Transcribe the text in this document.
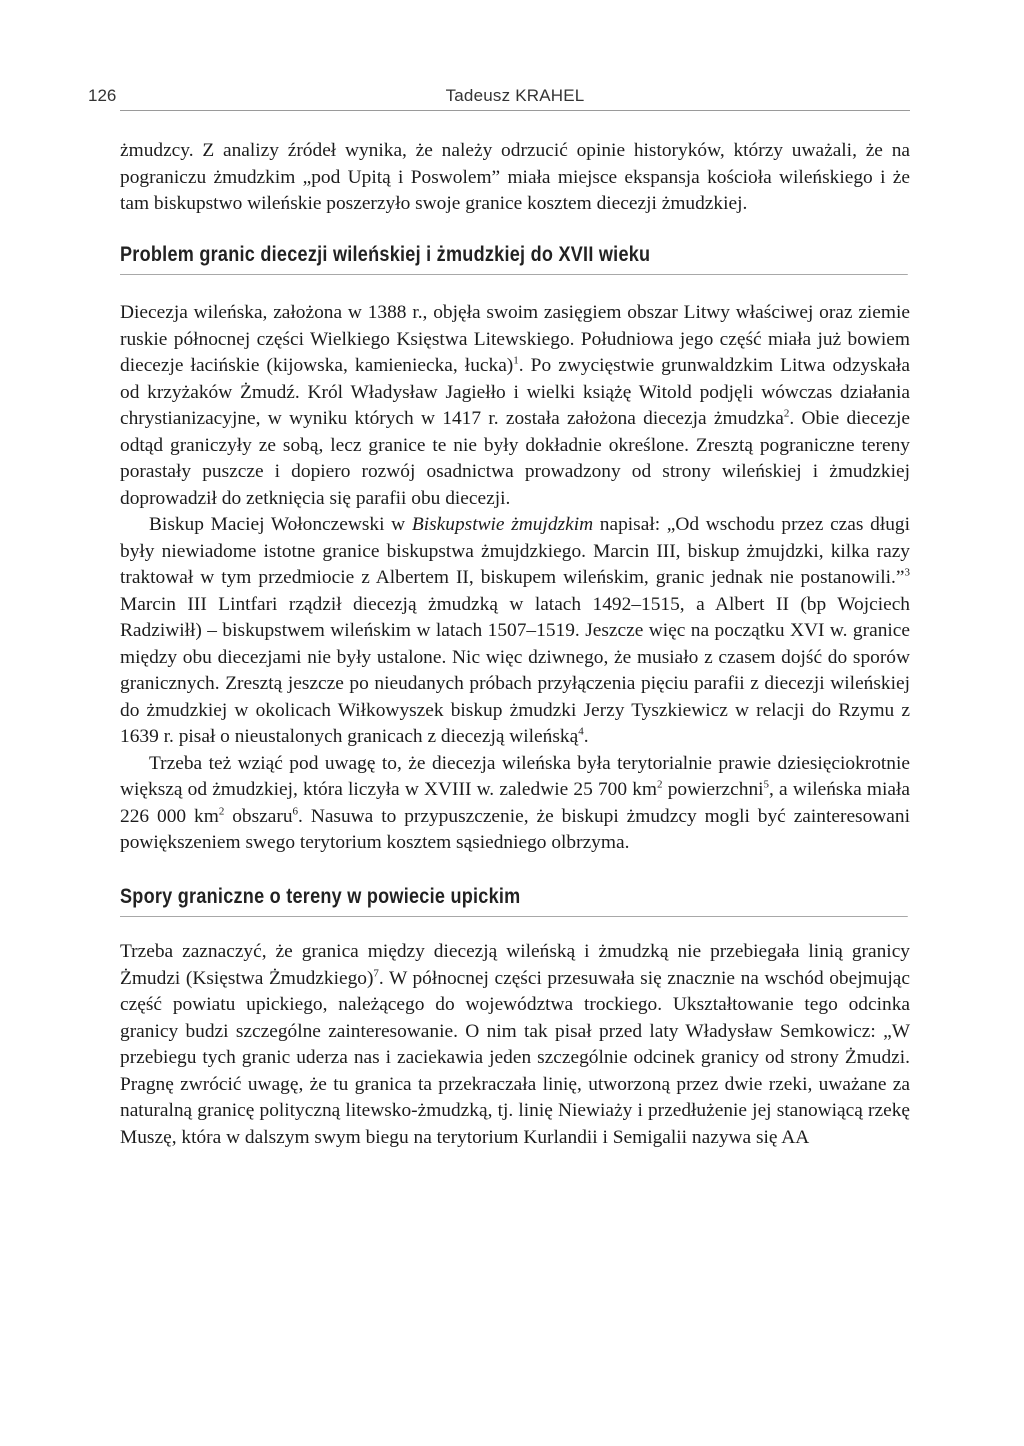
126	Tadeusz KRAHEL

żmudzcy. Z analizy źródeł wynika, że należy odrzucić opinie historyków, którzy uważali, że na pograniczu żmudzkim „pod Upitą i Poswolem” miała miejsce ekspansja kościoła wileńskiego i że tam biskupstwo wileńskie poszerzyło swoje granice kosztem diecezji żmudzkiej.

Problem granic diecezji wileńskiej i żmudzkiej do XVII wieku

Diecezja wileńska, założona w 1388 r., objęła swoim zasięgiem obszar Litwy właściwej oraz ziemie ruskie północnej części Wielkiego Księstwa Litewskiego. Południowa jego część miała już bowiem diecezje łacińskie (kijowska, kamieniecka, łucka)$^1$. Po zwycięstwie grunwaldzkim Litwa odzyskała od krzyżaków Żmudź. Król Władysław Jagiełło i wielki książę Witold podjęli wówczas działania chrystianizacyjne, w wyniku których w 1417 r. została założona diecezja żmudzka$^2$. Obie diecezje odtąd graniczyły ze sobą, lecz granice te nie były dokładnie określone. Zresztą pograniczne tereny porastały puszcze i dopiero rozwój osadnictwa prowadzony od strony wileńskiej i żmudzkiej doprowadził do zetknięcia się parafii obu diecezji.

Biskup Maciej Wołonczewski w Biskupstwie żmujdzkim napisał: „Od wschodu przez czas długi były niewiadome istotne granice biskupstwa żmujdzkiego. Marcin III, biskup żmujdzki, kilka razy traktował w tym przedmiocie z Albertem II, biskupem wileńskim, granic jednak nie postanowili.”$^3$ Marcin III Lintfari rządził diecezją żmudzką w latach 1492–1515, a Albert II (bp Wojciech Radziwiłł) – biskupstwem wileńskim w latach 1507–1519. Jeszcze więc na początku XVI w. granice między obu diecezjami nie były ustalone. Nic więc dziwnego, że musiało z czasem dojść do sporów granicznych. Zresztą jeszcze po nieudanych próbach przyłączenia pięciu parafii z diecezji wileńskiej do żmudzkiej w okolicach Wiłkowyszek biskup żmudzki Jerzy Tyszkiewicz w relacji do Rzymu z 1639 r. pisał o nieustalonych granicach z diecezją wileńską$^4$.

Trzeba też wziąć pod uwagę to, że diecezja wileńska była terytorialnie prawie dziesięciokrotnie większą od żmudzkiej, która liczyła w XVIII w. zaledwie 25 700 $km^2$ powierzchni$^5$, a wileńska miała 226 000 $km^2$ obszaru$^6$. Nasuwa to przypuszczenie, że biskupi żmudzcy mogli być zainteresowani powiększeniem swego terytorium kosztem sąsiedniego olbrzyma.

Spory graniczne o tereny w powiecie upickim

Trzeba zaznaczyć, że granica między diecezją wileńską i żmudzką nie przebiegała linią granicy Żmudzi (Księstwa Żmudzkiego)$^7$. W północnej części przesuwała się znacznie na wschód obejmując część powiatu upickiego, należącego do województwa trockiego. Ukształtowanie tego odcinka granicy budzi szczególne zainteresowanie. O nim tak pisał przed laty Władysław Semkowicz: „W przebiegu tych granic uderza nas i zaciekawia jeden szczególnie odcinek granicy od strony Żmudzi. Pragnę zwrócić uwagę, że tu granica ta przekraczała linię, utworzoną przez dwie rzeki, uważane za naturalną granicę polityczną litewsko-żmudzką, tj. linię Niewiaży i przedłużenie jej stanowiącą rzekę Muszę, która w dalszym swym biegu na terytorium Kurlandii i Semigalii nazywa się AA
